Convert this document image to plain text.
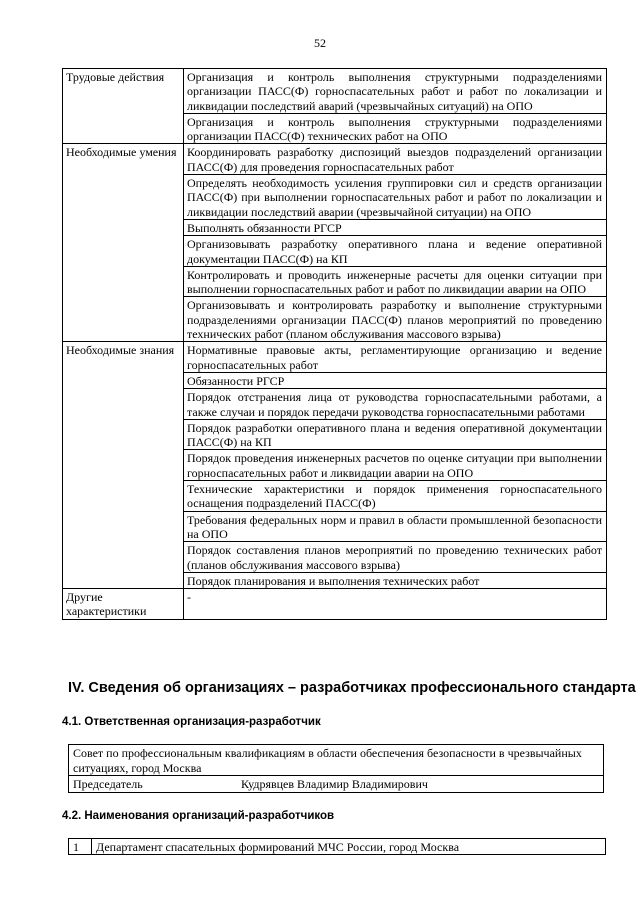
52
Трудовые действия	Организация и контроль выполнения структурными подразделениями организации ПАСС(Ф) горноспасательных работ и работ по локализации и ликвидации последствий аварий (чрезвычайных ситуаций) на ОПО
	Организация и контроль выполнения структурными подразделениями организации ПАСС(Ф) технических работ на ОПО
Необходимые умения	Координировать разработку диспозиций выездов подразделений организации ПАСС(Ф) для проведения горноспасательных работ
	Определять необходимость усиления группировки сил и средств организации ПАСС(Ф) при выполнении горноспасательных работ и работ по локализации и ликвидации последствий аварии (чрезвычайной ситуации) на ОПО
	Выполнять обязанности РГСР
	Организовывать разработку оперативного плана и ведение оперативной документации ПАСС(Ф) на КП
	Контролировать и проводить инженерные расчеты для оценки ситуации при выполнении горноспасательных работ и работ по ликвидации аварии на ОПО
	Организовывать и контролировать разработку и выполнение структурными подразделениями организации ПАСС(Ф) планов мероприятий по проведению технических работ (планом обслуживания массового взрыва)
Необходимые знания	Нормативные правовые акты, регламентирующие организацию и ведение горноспасательных работ
	Обязанности РГСР
	Порядок отстранения лица от руководства горноспасательными работами, а также случаи и порядок передачи руководства горноспасательными работами
	Порядок разработки оперативного плана и ведения оперативной документации ПАСС(Ф) на КП
	Порядок проведения инженерных расчетов по оценке ситуации при выполнении горноспасательных работ и ликвидации аварии на ОПО
	Технические характеристики и порядок применения горноспасательного оснащения подразделений ПАСС(Ф)
	Требования федеральных норм и правил в области промышленной безопасности на ОПО
	Порядок составления планов мероприятий по проведению технических работ (планов обслуживания массового взрыва)
	Порядок планирования и выполнения технических работ
Другие характеристики	-
IV. Сведения об организациях – разработчиках профессионального стандарта
4.1. Ответственная организация-разработчик
Совет по профессиональным квалификациям в области обеспечения безопасности в чрезвычайных ситуациях, город Москва

Председатель	Кудрявцев Владимир Владимирович
4.2. Наименования организаций-разработчиков
1	Департамент спасательных формирований МЧС России, город Москва
